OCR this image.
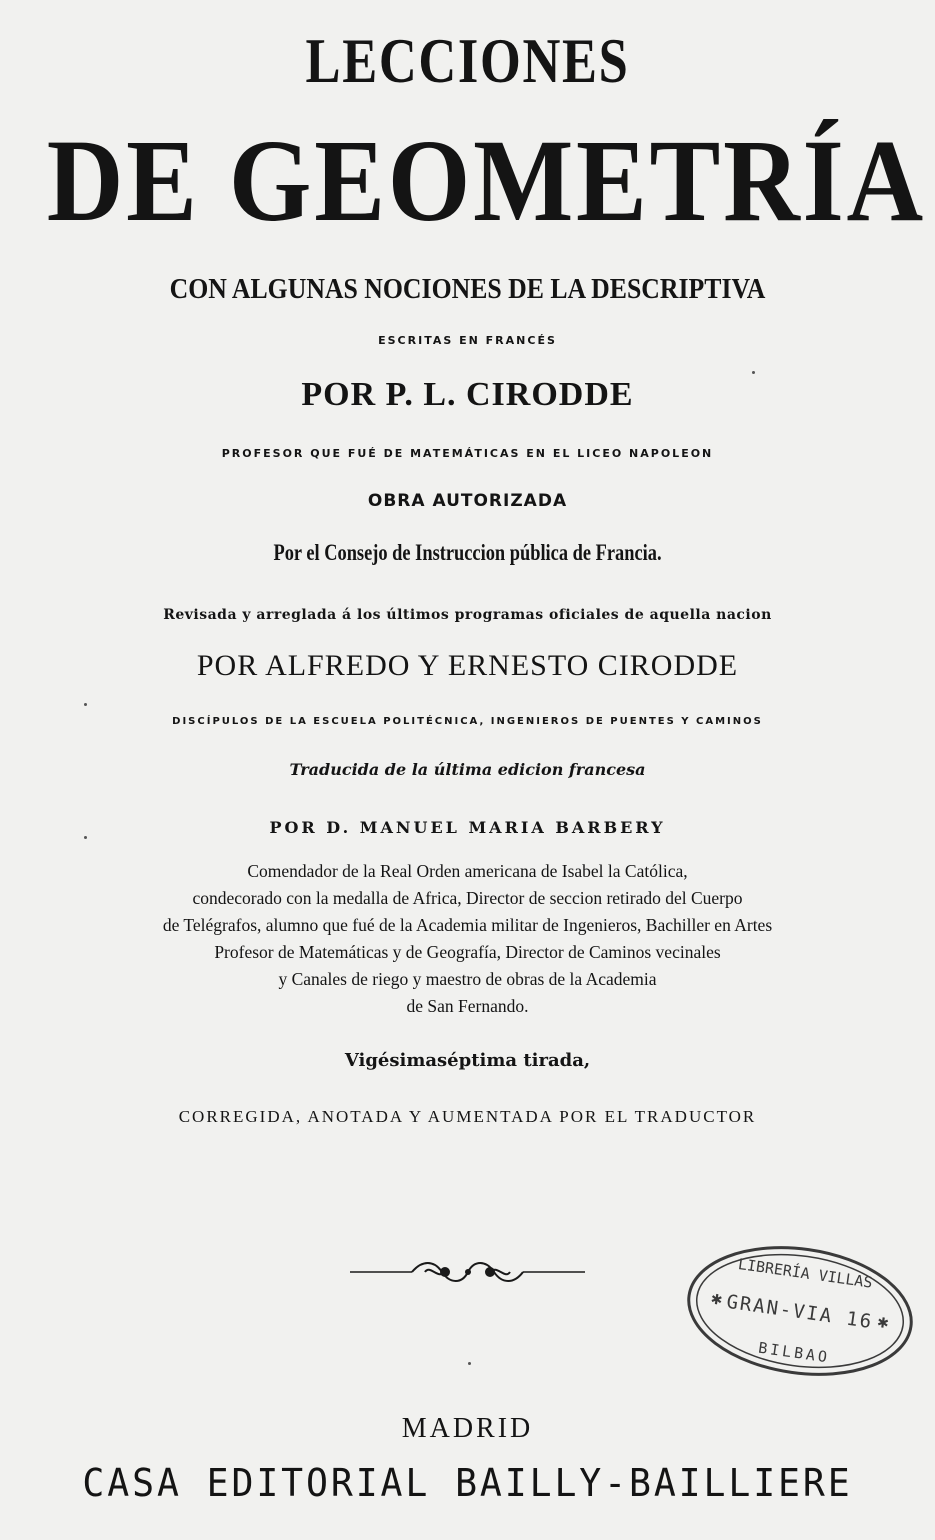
LECCIONES
DE GEOMETRÍA
CON ALGUNAS NOCIONES DE LA DESCRIPTIVA
ESCRITAS EN FRANCÉS
POR P. L. CIRODDE
PROFESOR QUE FUÉ DE MATEMÁTICAS EN EL LICEO NAPOLEON
OBRA AUTORIZADA
Por el Consejo de Instruccion pública de Francia.
Revisada y arreglada á los últimos programas oficiales de aquella nacion
POR ALFREDO Y ERNESTO CIRODDE
DISCÍPULOS DE LA ESCUELA POLITÉCNICA, INGENIEROS DE PUENTES Y CAMINOS
Traducida de la última edicion francesa
POR D. MANUEL MARIA BARBERY
Comendador de la Real Orden americana de Isabel la Católica,
condecorado con la medalla de Africa, Director de seccion retirado del Cuerpo
de Telégrafos, alumno que fué de la Academia militar de Ingenieros, Bachiller en Artes
Profesor de Matemáticas y de Geografía, Director de Caminos vecinales
y Canales de riego y maestro de obras de la Academia
de San Fernando.
Vigésimaséptima tirada,
CORREGIDA, ANOTADA Y AUMENTADA POR EL TRADUCTOR
LIBRERÍA VILLAS
GRAN-VIA 16
BILBAO
✱
✱
MADRID
CASA EDITORIAL BAILLY-BAILLIERE
